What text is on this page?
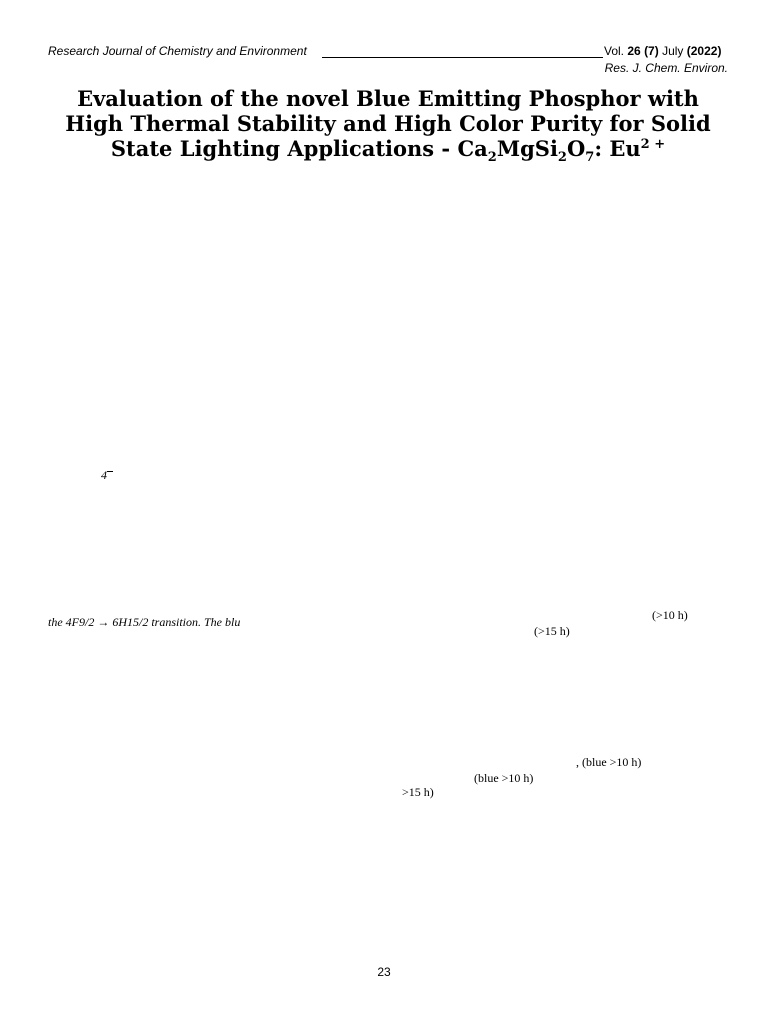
Research Journal of Chemistry and Environment	Vol. 26 (7) July (2022)
Res. J. Chem. Environ.
Evaluation of the novel Blue Emitting Phosphor with
High Thermal Stability and High Color Purity for Solid
State Lighting Applications - $Ca_2MgSi_2O_7$: $Eu^{2 +}$
4
the 4F9/2 → 6H15/2 transition. The blu	(>10 h)
(>15 h)
, (blue >10 h)
(blue >10 h)
>15 h)
23
